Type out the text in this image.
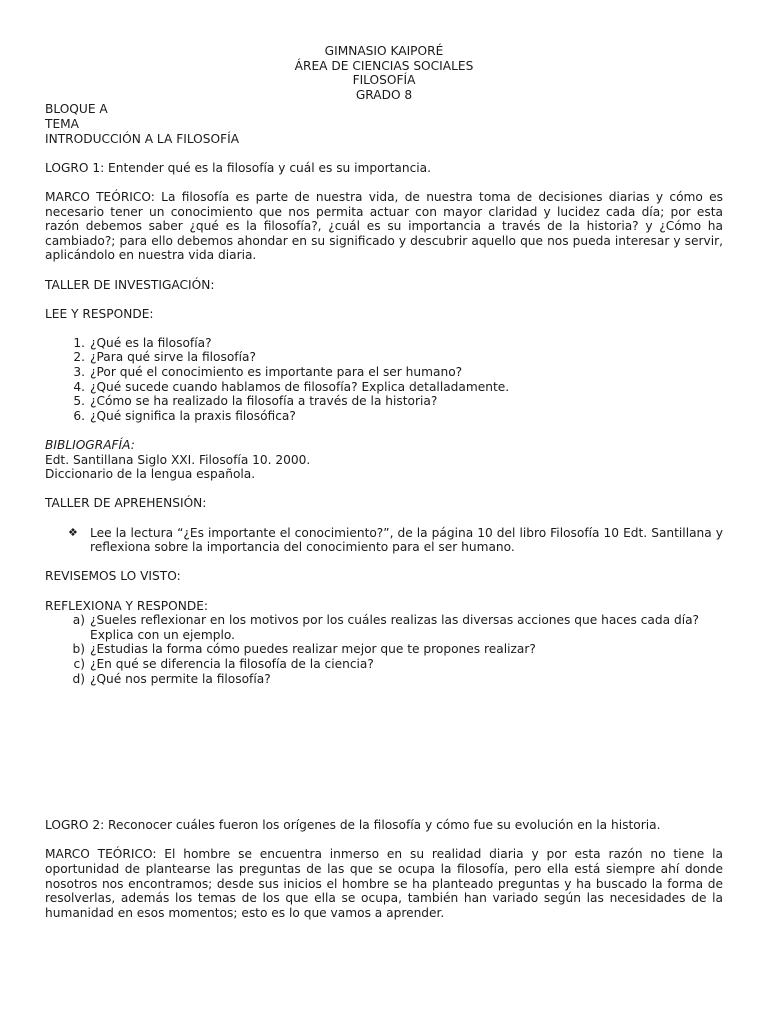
GIMNASIO KAIPORÉ
ÁREA DE CIENCIAS SOCIALES
FILOSOFÍA
GRADO 8
BLOQUE A
TEMA
INTRODUCCIÓN A LA FILOSOFÍA

LOGRO 1: Entender qué es la filosofía y cuál es su importancia.

MARCO TEÓRICO: La filosofía es parte de nuestra vida, de nuestra toma de decisiones diarias y cómo es necesario tener un conocimiento que nos permita actuar con mayor claridad y lucidez cada día; por esta razón debemos saber ¿qué es la filosofía?, ¿cuál es su importancia a través de la historia? y ¿Cómo ha cambiado?; para ello debemos ahondar en su significado y descubrir aquello que nos pueda interesar y servir, aplicándolo en nuestra vida diaria.

TALLER DE INVESTIGACIÓN:

LEE Y RESPONDE:

1. ¿Qué es la filosofía?
2. ¿Para qué sirve la filosofía?
3. ¿Por qué el conocimiento es importante para el ser humano?
4. ¿Qué sucede cuando hablamos de filosofía? Explica detalladamente.
5. ¿Cómo se ha realizado la filosofía a través de la historia?
6. ¿Qué significa la praxis filosófica?
BIBLIOGRAFÍA:
Edt. Santillana Siglo XXI. Filosofía 10. 2000.
Diccionario de la lengua española.

TALLER DE APREHENSIÓN:

❖ Lee la lectura “¿Es importante el conocimiento?”, de la página 10 del libro Filosofía 10 Edt. Santillana y reflexiona sobre la importancia del conocimiento para el ser humano.

REVISEMOS LO VISTO:

REFLEXIONA Y RESPONDE:

a) ¿Sueles reflexionar en los motivos por los cuáles realizas las diversas acciones que haces cada día? Explica con un ejemplo.
b) ¿Estudias la forma cómo puedes realizar mejor que te propones realizar?
c) ¿En qué se diferencia la filosofía de la ciencia?
d) ¿Qué nos permite la filosofía?

LOGRO 2: Reconocer cuáles fueron los orígenes de la filosofía y cómo fue su evolución en la historia.

MARCO TEÓRICO: El hombre se encuentra inmerso en su realidad diaria y por esta razón no tiene la oportunidad de plantearse las preguntas de las que se ocupa la filosofía, pero ella está siempre ahí donde nosotros nos encontramos; desde sus inicios el hombre se ha planteado preguntas y ha buscado la forma de resolverlas, además los temas de los que ella se ocupa, también han variado según las necesidades de la humanidad en esos momentos; esto es lo que vamos a aprender.
